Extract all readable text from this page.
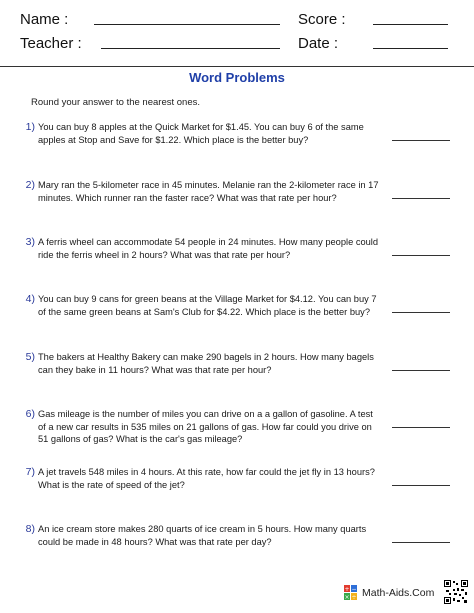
Name :	Score :
Teacher :	Date :
Word Problems
Round your answer to the nearest ones.
1) You can buy 8 apples at the Quick Market for $1.45. You can buy 6 of the same apples at Stop and Save for $1.22. Which place is the better buy?
2) Mary ran the 5-kilometer race in 45 minutes. Melanie ran the 2-kilometer race in 17 minutes. Which runner ran the faster race? What was that rate per hour?
3) A ferris wheel can accommodate 54 people in 24 minutes. How many people could ride the ferris wheel in 2 hours? What was that rate per hour?
4) You can buy 9 cans for green beans at the Village Market for $4.12. You can buy 7 of the same green beans at Sam's Club for $4.22. Which place is the better buy?
5) The bakers at Healthy Bakery can make 290 bagels in 2 hours. How many bagels can they bake in 11 hours? What was that rate per hour?
6) Gas mileage is the number of miles you can drive on a a gallon of gasoline. A test of a new car results in 535 miles on 21 gallons of gas. How far could you drive on 51 gallons of gas? What is the car's gas mileage?
7) A jet travels 548 miles in 4 hours. At this rate, how far could the jet fly in 13 hours? What is the rate of speed of the jet?
8) An ice cream store makes 280 quarts of ice cream in 5 hours. How many quarts could be made in 48 hours? What was that rate per day?
+ −
× ÷ Math-Aids.Com
